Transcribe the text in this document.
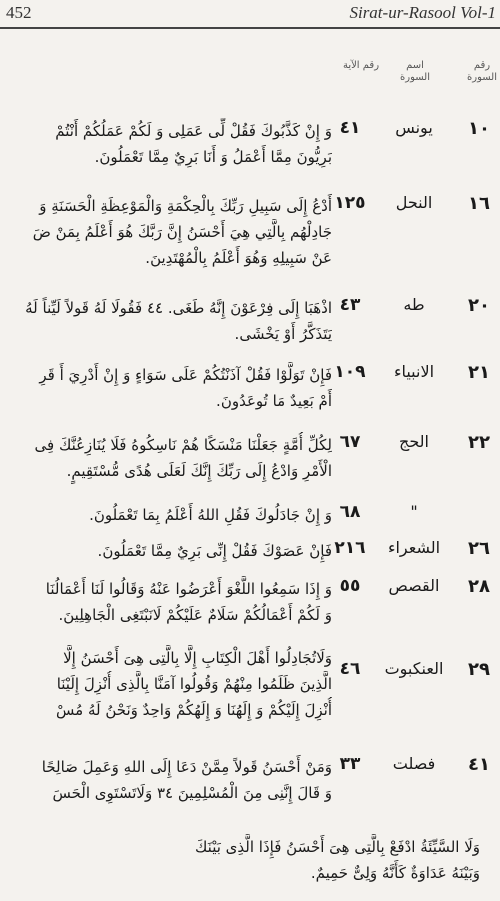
452	Sirat-ur-Rasool Vol-1
رقم السورة
اسم السورة
رقم الآية
١٠
يونس
٤١
وَ إِنْ كَذَّبُوكَ فَقُلْ لِّى عَمَلِى وَ لَكُمْ عَمَلُكُمْ أَنْتُمْ
بَرِيُّونَ مِمَّا أَعْمَلُ وَ أَنَا بَرِيٌ مِمَّا تَعْمَلُونَ.
١٦
النحل
١٢٥
أَدْعُ إِلَى سَبِيلِ رَبِّكَ بِالْحِكْمَةِ وَالْمَوْعِظَةِ الْحَسَنَةِ وَ
جَادِلْهُم بِالَّتِي هِيَ أَحْسَنُ إِنَّ رَبَّكَ هُوَ أَعْلَمُ بِمَنْ ضَ
عَنْ سَبِيلِهِ وَهُوَ أَعْلَمُ بِالْمُهْتَدِينَ.
٢٠
طه
٤٣
اذْهَبَا إِلَى فِرْعَوْنَ إِنَّهُ طَغَى. ٤٤ فَقُولَا لَهُ قَولاً لَيِّناً لَهُ
يَتَذَكَّرُ أَوْ يَخْشَى.
٢١
الانبياء
١٠٩
فَإِنْ تَوَلَّوْا فَقُلْ آذَنْتُكُمْ عَلَى سَوَاءٍ وَ إِنْ أَدْرِيَ أَ قَرِ
أَمْ بَعِيدٌ مَا تُوعَدُونَ.
٢٢
الحج
٦٧
لِكُلِّ أُمَّةٍ جَعَلْنَا مَنْسَكًا هُمْ نَاسِكُوهُ فَلَا يُنَازِعُنَّكَ فِى
الْأَمْرِ وَادْعُ إِلَى رَبِّكَ إِنَّكَ لَعَلَى هُدًى مُّسْتَقِيمٍ.
"
٦٨
وَ إِنْ جَادَلُوكَ فَقُلِ اللهُ أَعْلَمُ بِمَا تَعْمَلُونَ.
٢٦
الشعراء
٢١٦
فَإِنْ عَصَوْكَ فَقُلْ إِنِّى بَرِيٌ مِمَّا تَعْمَلُونَ.
٢٨
القصص
٥٥
وَ إِذَا سَمِعُوا اللَّغْوَ أَعْرَضُوا عَنْهُ وَقَالُوا لَنَا أَعْمَالُنَا
وَ لَكُمْ أَعْمَالُكُمْ سَلَامٌ عَلَيْكُمْ لَانَبْتَغِى الْجَاهِلِينَ.
٢٩
العنكبوت
٤٦
وَلَاتُجَادِلُوا أَهْلَ الْكِتَابِ إِلَّا بِالَّتِى هِىَ أَحْسَنُ إِلَّا
الَّذِينَ ظَلَمُوا مِنْهُمْ وَقُولُوا آمَنَّا بِالَّذِى أُنْزِلَ إِلَيْنَا
أُنْزِلَ إِلَيْكُمْ وَ إِلَهُنَا وَ إِلَهُكُمْ وَاحِدٌ وَنَحْنُ لَهُ مُسْ
٤١
فصلت
٣٣
وَمَنْ أَحْسَنُ قَولاً مِمَّنْ دَعَا إِلَى اللهِ وَعَمِلَ صَالِحًا
وَ قَالَ إِنَّنِى مِنَ الْمُسْلِمِينَ ٣٤ وَلَاتَسْتَوِى الْحَسَ
وَلَا السَّيِّئَةُ ادْفَعْ بِالَّتِى هِىَ أَحْسَنُ فَإِذَا الَّذِى بَيْنَكَ
وَبَيْنَهُ عَدَاوَةٌ كَأَنَّهُ وَلِىٌّ حَمِيمٌ.
